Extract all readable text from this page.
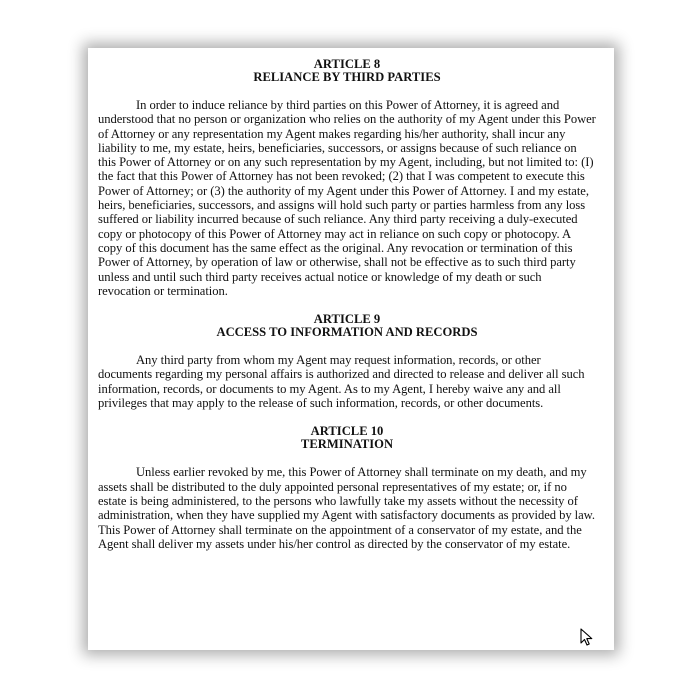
ARTICLE 8
RELIANCE BY THIRD PARTIES

In order to induce reliance by third parties on this Power of Attorney, it is agreed and understood that no person or organization who relies on the authority of my Agent under this Power of Attorney or any representation my Agent makes regarding his/her authority, shall incur any liability to me, my estate, heirs, beneficiaries, successors, or assigns because of such reliance on this Power of Attorney or on any such representation by my Agent, including, but not limited to: (I) the fact that this Power of Attorney has not been revoked; (2) that I was competent to execute this Power of Attorney; or (3) the authority of my Agent under this Power of Attorney. I and my estate, heirs, beneficiaries, successors, and assigns will hold such party or parties harmless from any loss suffered or liability incurred because of such reliance. Any third party receiving a duly-executed copy or photocopy of this Power of Attorney may act in reliance on such copy or photocopy. A copy of this document has the same effect as the original. Any revocation or termination of this Power of Attorney, by operation of law or otherwise, shall not be effective as to such third party unless and until such third party receives actual notice or knowledge of my death or such revocation or termination.

ARTICLE 9
ACCESS TO INFORMATION AND RECORDS

Any third party from whom my Agent may request information, records, or other documents regarding my personal affairs is authorized and directed to release and deliver all such information, records, or documents to my Agent. As to my Agent, I hereby waive any and all privileges that may apply to the release of such information, records, or other documents.

ARTICLE 10
TERMINATION

Unless earlier revoked by me, this Power of Attorney shall terminate on my death, and my assets shall be distributed to the duly appointed personal representatives of my estate; or, if no estate is being administered, to the persons who lawfully take my assets without the necessity of administration, when they have supplied my Agent with satisfactory documents as provided by law. This Power of Attorney shall terminate on the appointment of a conservator of my estate, and the Agent shall deliver my assets under his/her control as directed by the conservator of my estate.
